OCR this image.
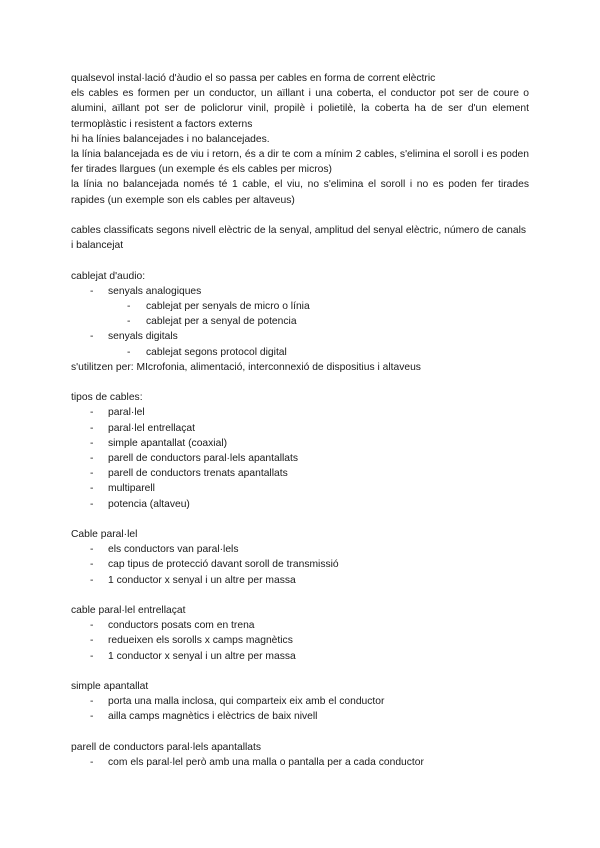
qualsevol instal·lació d'àudio el so passa per cables en forma de corrent elèctric

els cables es formen per un conductor, un aïllant i una coberta, el conductor pot ser de coure o alumini, aïllant pot ser de policlorur vinil, propilè i polietilè, la coberta ha de ser d'un element termoplàstic i resistent a factors externs

hi ha línies balancejades i no balancejades.

la línia balancejada es de viu i retorn, és a dir te com a mínim 2 cables, s'elimina el soroll i es poden fer tirades llargues (un exemple és els cables per micros)

la línia no balancejada només té 1 cable, el viu, no s'elimina el soroll i no es poden fer tirades rapides (un exemple son els cables per altaveus)

cables classificats segons nivell elèctric de la senyal, amplitud del senyal elèctric, número de canals i balancejat

cablejat d'audio:

- senyals analogiques
- cablejat per senyals de micro o línia
- cablejat per a senyal de potencia
- senyals digitals
- cablejat segons protocol digital

s'utilitzen per: MIcrofonia, alimentació, interconnexió de dispositius i altaveus

tipos de cables:

- paral·lel
- paral·lel entrellaçat
- simple apantallat (coaxial)
- parell de conductors paral·lels apantallats
- parell de conductors trenats apantallats
- multiparell
- potencia (altaveu)

Cable paral·lel

- els conductors van paral·lels
- cap tipus de protecció davant soroll de transmissió
- 1 conductor x senyal i un altre per massa

cable paral·lel entrellaçat

- conductors posats com en trena
- redueixen els sorolls x camps magnètics
- 1 conductor x senyal i un altre per massa

simple apantallat

- porta una malla inclosa, qui comparteix eix amb el conductor
- ailla camps magnètics i elèctrics de baix nivell

parell de conductors paral·lels apantallats

- com els paral·lel però amb una malla o pantalla per a cada conductor
